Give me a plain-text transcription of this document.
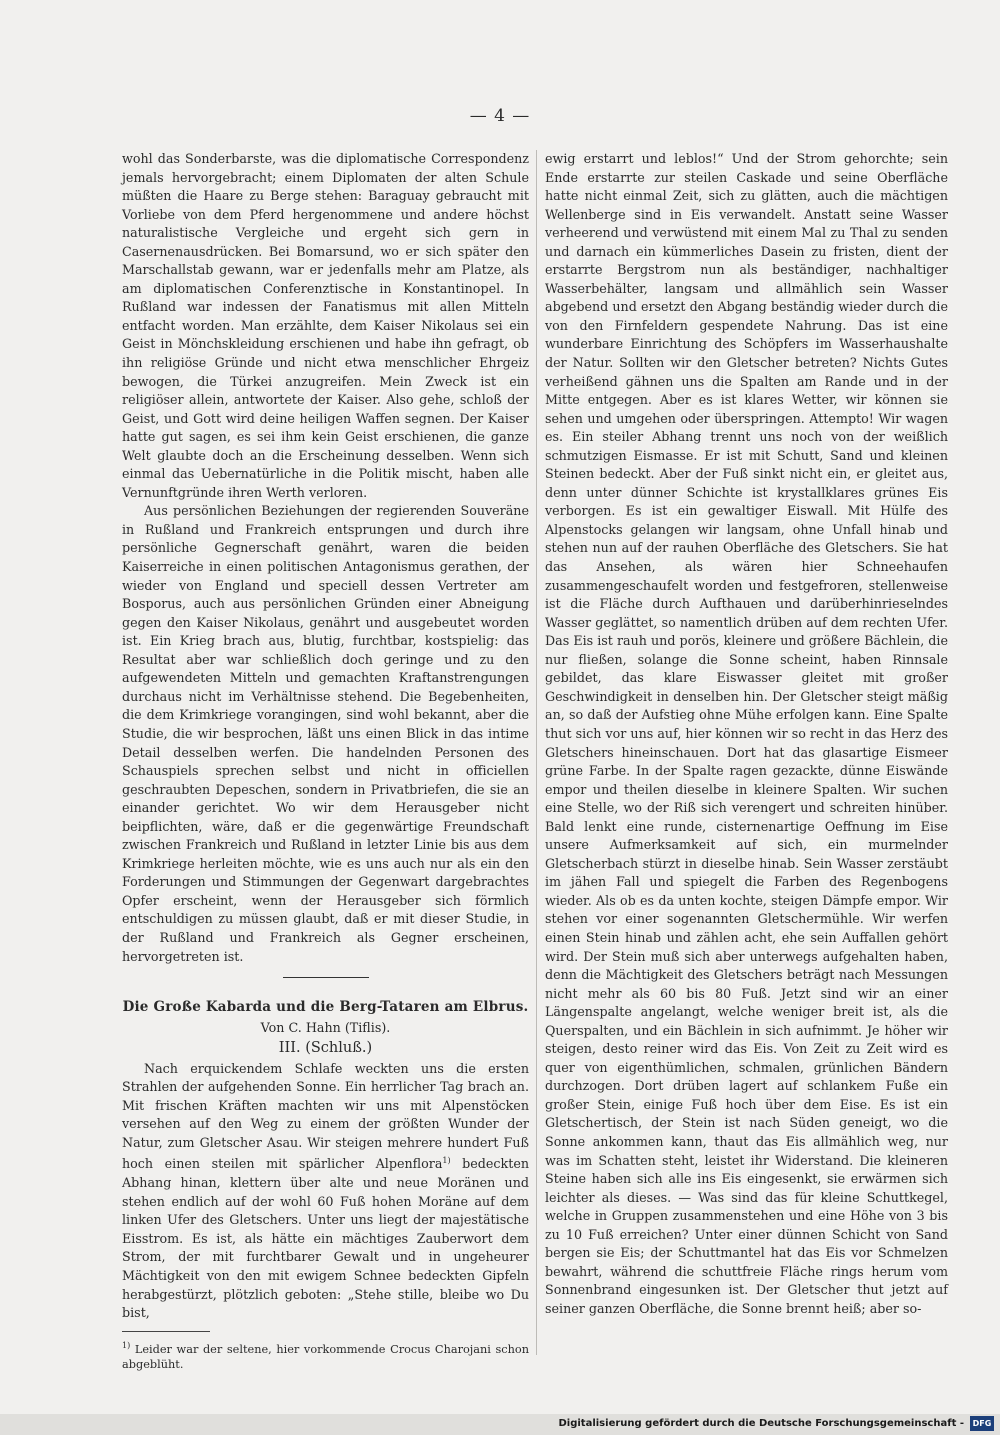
— 4 —

wohl das Sonderbarste, was die diplomatische Correspondenz jemals hervorgebracht; einem Diplomaten der alten Schule müßten die Haare zu Berge stehen: Baraguay gebraucht mit Vorliebe von dem Pferd hergenommene und andere höchst naturalistische Vergleiche und ergeht sich gern in Casernenausdrücken. Bei Bomarsund, wo er sich später den Marschallstab gewann, war er jedenfalls mehr am Platze, als am diplomatischen Conferenztische in Konstantinopel. In Rußland war indessen der Fanatismus mit allen Mitteln entfacht worden. Man erzählte, dem Kaiser Nikolaus sei ein Geist in Mönchskleidung erschienen und habe ihn gefragt, ob ihn religiöse Gründe und nicht etwa menschlicher Ehrgeiz bewogen, die Türkei anzugreifen. Mein Zweck ist ein religiöser allein, antwortete der Kaiser. Also gehe, schloß der Geist, und Gott wird deine heiligen Waffen segnen. Der Kaiser hatte gut sagen, es sei ihm kein Geist erschienen, die ganze Welt glaubte doch an die Erscheinung desselben. Wenn sich einmal das Uebernatürliche in die Politik mischt, haben alle Vernunftgründe ihren Werth verloren.

Aus persönlichen Beziehungen der regierenden Souveräne in Rußland und Frankreich entsprungen und durch ihre persönliche Gegnerschaft genährt, waren die beiden Kaiserreiche in einen politischen Antagonismus gerathen, der wieder von England und speciell dessen Vertreter am Bosporus, auch aus persönlichen Gründen einer Abneigung gegen den Kaiser Nikolaus, genährt und ausgebeutet worden ist. Ein Krieg brach aus, blutig, furchtbar, kostspielig: das Resultat aber war schließlich doch geringe und zu den aufgewendeten Mitteln und gemachten Kraftanstrengungen durchaus nicht im Verhältnisse stehend. Die Begebenheiten, die dem Krimkriege vorangingen, sind wohl bekannt, aber die Studie, die wir besprochen, läßt uns einen Blick in das intime Detail desselben werfen. Die handelnden Personen des Schauspiels sprechen selbst und nicht in officiellen geschraubten Depeschen, sondern in Privatbriefen, die sie an einander gerichtet. Wo wir dem Herausgeber nicht beipflichten, wäre, daß er die gegenwärtige Freundschaft zwischen Frankreich und Rußland in letzter Linie bis aus dem Krimkriege herleiten möchte, wie es uns auch nur als ein den Forderungen und Stimmungen der Gegenwart dargebrachtes Opfer erscheint, wenn der Herausgeber sich förmlich entschuldigen zu müssen glaubt, daß er mit dieser Studie, in der Rußland und Frankreich als Gegner erscheinen, hervorgetreten ist.

Die Große Kabarda und die Berg-Tataren am Elbrus.
Von C. Hahn (Tiflis).
III. (Schluß.)

Nach erquickendem Schlafe weckten uns die ersten Strahlen der aufgehenden Sonne. Ein herrlicher Tag brach an. Mit frischen Kräften machten wir uns mit Alpenstöcken versehen auf den Weg zu einem der größten Wunder der Natur, zum Gletscher Asau. Wir steigen mehrere hundert Fuß hoch einen steilen mit spärlicher Alpenflora$^{1)}$ bedeckten Abhang hinan, klettern über alte und neue Moränen und stehen endlich auf der wohl 60 Fuß hohen Moräne auf dem linken Ufer des Gletschers. Unter uns liegt der majestätische Eisstrom. Es ist, als hätte ein mächtiges Zauberwort dem Strom, der mit furchtbarer Gewalt und in ungeheurer Mächtigkeit von den mit ewigem Schnee bedeckten Gipfeln herabgestürzt, plötzlich geboten: „Stehe stille, bleibe wo Du bist,

$^{1)}$ Leider war der seltene, hier vorkommende Crocus Charojani schon abgeblüht.

ewig erstarrt und leblos!“ Und der Strom gehorchte; sein Ende erstarrte zur steilen Caskade und seine Oberfläche hatte nicht einmal Zeit, sich zu glätten, auch die mächtigen Wellenberge sind in Eis verwandelt. Anstatt seine Wasser verheerend und verwüstend mit einem Mal zu Thal zu senden und darnach ein kümmerliches Dasein zu fristen, dient der erstarrte Bergstrom nun als beständiger, nachhaltiger Wasserbehälter, langsam und allmählich sein Wasser abgebend und ersetzt den Abgang beständig wieder durch die von den Firnfeldern gespendete Nahrung. Das ist eine wunderbare Einrichtung des Schöpfers im Wasserhaushalte der Natur. Sollten wir den Gletscher betreten? Nichts Gutes verheißend gähnen uns die Spalten am Rande und in der Mitte entgegen. Aber es ist klares Wetter, wir können sie sehen und umgehen oder überspringen. Attempto! Wir wagen es. Ein steiler Abhang trennt uns noch von der weißlich schmutzigen Eismasse. Er ist mit Schutt, Sand und kleinen Steinen bedeckt. Aber der Fuß sinkt nicht ein, er gleitet aus, denn unter dünner Schichte ist krystallklares grünes Eis verborgen. Es ist ein gewaltiger Eiswall. Mit Hülfe des Alpenstocks gelangen wir langsam, ohne Unfall hinab und stehen nun auf der rauhen Oberfläche des Gletschers. Sie hat das Ansehen, als wären hier Schneehaufen zusammengeschaufelt worden und festgefroren, stellenweise ist die Fläche durch Aufthauen und darüberhinrieselndes Wasser geglättet, so namentlich drüben auf dem rechten Ufer. Das Eis ist rauh und porös, kleinere und größere Bächlein, die nur fließen, solange die Sonne scheint, haben Rinnsale gebildet, das klare Eiswasser gleitet mit großer Geschwindigkeit in denselben hin. Der Gletscher steigt mäßig an, so daß der Aufstieg ohne Mühe erfolgen kann. Eine Spalte thut sich vor uns auf, hier können wir so recht in das Herz des Gletschers hineinschauen. Dort hat das glasartige Eismeer grüne Farbe. In der Spalte ragen gezackte, dünne Eiswände empor und theilen dieselbe in kleinere Spalten. Wir suchen eine Stelle, wo der Riß sich verengert und schreiten hinüber. Bald lenkt eine runde, cisternenartige Oeffnung im Eise unsere Aufmerksamkeit auf sich, ein murmelnder Gletscherbach stürzt in dieselbe hinab. Sein Wasser zerstäubt im jähen Fall und spiegelt die Farben des Regenbogens wieder. Als ob es da unten kochte, steigen Dämpfe empor. Wir stehen vor einer sogenannten Gletschermühle. Wir werfen einen Stein hinab und zählen acht, ehe sein Auffallen gehört wird. Der Stein muß sich aber unterwegs aufgehalten haben, denn die Mächtigkeit des Gletschers beträgt nach Messungen nicht mehr als 60 bis 80 Fuß. Jetzt sind wir an einer Längenspalte angelangt, welche weniger breit ist, als die Querspalten, und ein Bächlein in sich aufnimmt. Je höher wir steigen, desto reiner wird das Eis. Von Zeit zu Zeit wird es quer von eigenthümlichen, schmalen, grünlichen Bändern durchzogen. Dort drüben lagert auf schlankem Fuße ein großer Stein, einige Fuß hoch über dem Eise. Es ist ein Gletschertisch, der Stein ist nach Süden geneigt, wo die Sonne ankommen kann, thaut das Eis allmählich weg, nur was im Schatten steht, leistet ihr Widerstand. Die kleineren Steine haben sich alle ins Eis eingesenkt, sie erwärmen sich leichter als dieses. — Was sind das für kleine Schuttkegel, welche in Gruppen zusammenstehen und eine Höhe von 3 bis zu 10 Fuß erreichen? Unter einer dünnen Schicht von Sand bergen sie Eis; der Schuttmantel hat das Eis vor Schmelzen bewahrt, während die schuttfreie Fläche rings herum vom Sonnenbrand eingesunken ist. Der Gletscher thut jetzt auf seiner ganzen Oberfläche, die Sonne brennt heiß; aber so-

Digitalisierung gefördert durch die Deutsche Forschungsgemeinschaft -	DFG
